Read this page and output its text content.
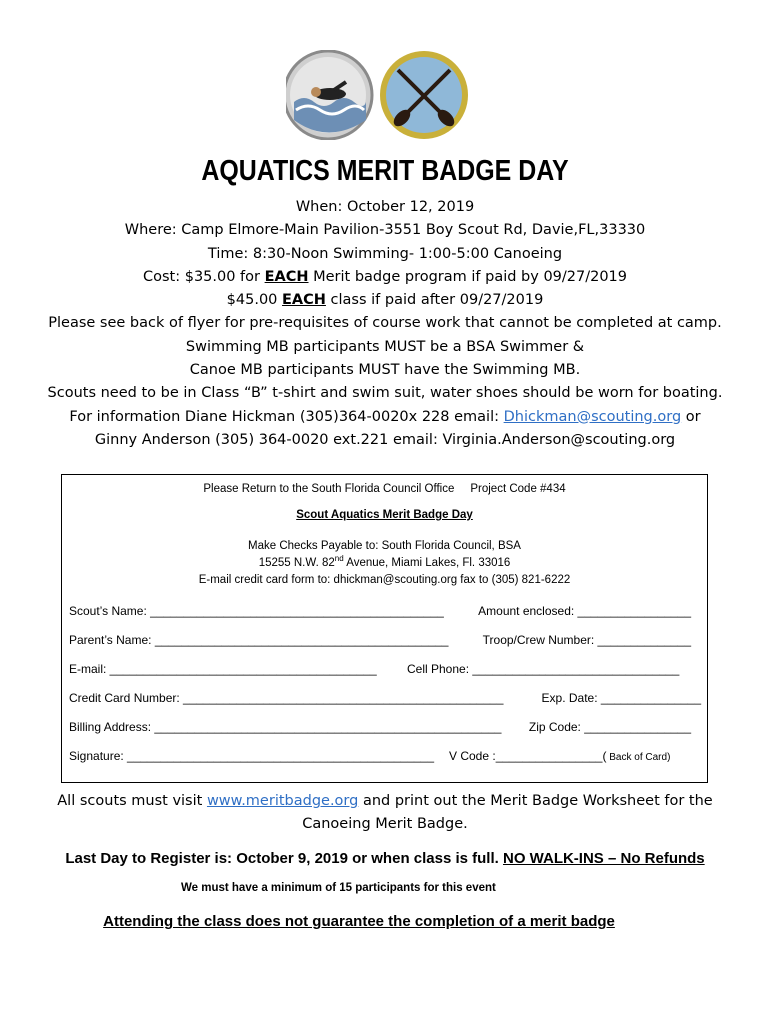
AQUATICS MERIT BADGE DAY
When: October 12, 2019
Where: Camp Elmore-Main Pavilion-3551 Boy Scout Rd, Davie,FL,33330
Time: 8:30-Noon Swimming- 1:00-5:00 Canoeing
Cost: $35.00 for EACH Merit badge program if paid by 09/27/2019
$45.00 EACH class if paid after 09/27/2019
Please see back of flyer for pre-requisites of course work that cannot be completed at camp.
Swimming MB participants MUST be a BSA Swimmer &
Canoe MB participants MUST have the Swimming MB.
Scouts need to be in Class “B” t-shirt and swim suit, water shoes should be worn for boating.
For information Diane Hickman (305)364-0020x 228 email: Dhickman@scouting.org or
Ginny Anderson (305) 364-0020 ext.221 email: Virginia.Anderson@scouting.org
Please Return to the South Florida Council Office     Project Code #434
Scout Aquatics Merit Badge Day
Make Checks Payable to: South Florida Council, BSA
15255 N.W. 82nd Avenue, Miami Lakes, Fl. 33016
E-mail credit card form to: dhickman@scouting.org fax to (305) 821-6222
Scout’s Name: ____________________________________________	Amount enclosed: _________________
Parent’s Name: ____________________________________________	Troop/Crew Number: ______________
E-mail: ________________________________________	Cell Phone: _______________________________
Credit Card Number: ________________________________________________	Exp. Date: _______________
Billing Address: ____________________________________________________ Zip Code: ________________
Signature: ______________________________________________ V Code :________________( Back of Card)
All scouts must visit www.meritbadge.org and print out the Merit Badge Worksheet for the
Canoeing Merit Badge.
Last Day to Register is: October 9, 2019 or when class is full. NO WALK-INS – No Refunds
We must have a minimum of 15 participants for this event
Attending the class does not guarantee the completion of a merit badge
